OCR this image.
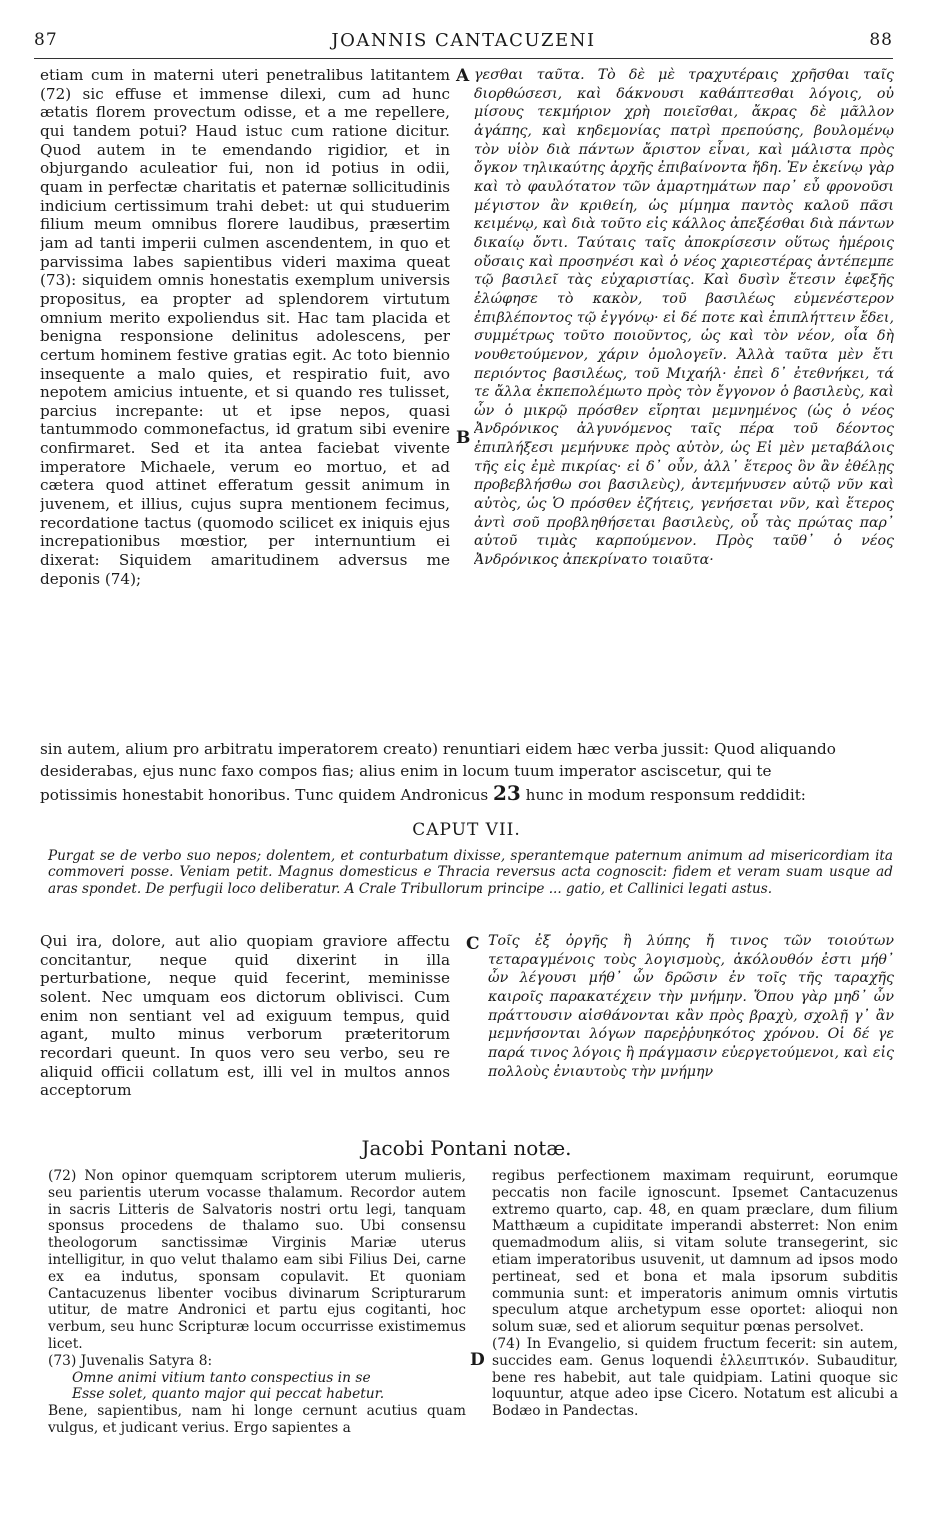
87	JOANNIS CANTACUZENI	88
etiam cum in materni uteri penetralibus latitantem (72) sic effuse et immense dilexi, cum ad hunc ætatis florem provectum odisse, et a me repellere, qui tandem potui? Haud istuc cum ratione dicitur. Quod autem in te emendando rigidior, et in objurgando aculeatior fui, non id potius in odii, quam in perfectæ charitatis et paternæ sollicitudinis indicium certissimum trahi debet: ut qui studuerim filium meum omnibus florere laudibus, præsertim jam ad tanti imperii culmen ascendentem, in quo et parvissima labes sapientibus videri maxima queat (73): siquidem omnis honestatis exemplum universis propositus, ea propter ad splendorem virtutum omnium merito expoliendus sit. Hac tam placida et benigna responsione delinitus adolescens, per certum hominem festive gratias egit. Ac toto biennio insequente a malo quies, et respiratio fuit, avo nepotem amicius intuente, et si quando res tulisset, parcius increpante: ut et ipse nepos, quasi tantummodo commonefactus, id gratum sibi evenire confirmaret. Sed et ita antea faciebat vivente imperatore Michaele, verum eo mortuo, et ad cætera quod attinet efferatum gessit animum in juvenem, et illius, cujus supra mentionem fecimus, recordatione tactus (quomodo scilicet ex iniquis ejus increpationibus mœstior, per internuntium ei dixerat: Siquidem amaritudinem adversus me deponis (74);
γεσθαι ταῦτα. Τὸ δὲ μὲ τραχυτέραις χρῆσθαι ταῖς διορθώσεσι, καὶ δάκνουσι καθάπτεσθαι λόγοις, οὐ μίσους τεκμήριον χρὴ ποιεῖσθαι, ἄκρας δὲ μᾶλλον ἀγάπης, καὶ κηδεμονίας πατρὶ πρεπούσης, βουλομένῳ τὸν υἱὸν διὰ πάντων ἄριστον εἶναι, καὶ μάλιστα πρὸς ὄγκον τηλικαύτης ἀρχῆς ἐπιβαίνοντα ἤδη. Ἐν ἐκείνῳ γὰρ καὶ τὸ φαυλότατον τῶν ἁμαρτημάτων παρ᾽ εὖ φρονοῦσι μέγιστον ἂν κριθείη, ὡς μίμημα παντὸς καλοῦ πᾶσι κειμένῳ, καὶ διὰ τοῦτο εἰς κάλλος ἀπεξέσθαι διὰ πάντων δικαίῳ ὄντι. Ταύταις ταῖς ἀποκρίσεσιν οὕτως ἡμέροις οὔσαις καὶ προσηνέσι καὶ ὁ νέος χαριεστέρας ἀντέπεμπε τῷ βασιλεῖ τὰς εὐχαριστίας. Καὶ δυσὶν ἔτεσιν ἐφεξῆς ἐλώφησε τὸ κακὸν, τοῦ βασιλέως εὐμενέστερον ἐπιβλέποντος τῷ ἐγγόνῳ· εἰ δέ ποτε καὶ ἐπιπλήττειν ἔδει, συμμέτρως τοῦτο ποιοῦντος, ὡς καὶ τὸν νέον, οἷα δὴ νουθετούμενον, χάριν ὁμολογεῖν. Ἀλλὰ ταῦτα μὲν ἔτι περιόντος βασιλέως, τοῦ Μιχαήλ· ἐπεὶ δ᾽ ἐτεθνήκει, τά τε ἄλλα ἐκπεπολέμωτο πρὸς τὸν ἔγγονον ὁ βασιλεὺς, καὶ ὧν ὁ μικρῷ πρόσθεν εἴρηται μεμνημένος (ὡς ὁ νέος Ἀνδρόνικος ἀλγυνόμενος ταῖς πέρα τοῦ δέοντος ἐπιπλήξεσι μεμήνυκε πρὸς αὐτὸν, ὡς Εἰ μὲν μεταβάλοις τῆς εἰς ἐμὲ πικρίας· εἰ δ᾽ οὖν, ἀλλ᾽ ἕτερος ὃν ἂν ἐθέλῃς προβεβλήσθω σοι βασιλεὺς), ἀντεμήνυσεν αὐτῷ νῦν καὶ αὐτὸς, ὡς Ὁ πρόσθεν ἐζήτεις, γενήσεται νῦν, καὶ ἕτερος ἀντὶ σοῦ προβληθήσεται βασιλεὺς, οὗ τὰς πρώτας παρ᾽ αὐτοῦ τιμὰς καρπούμενον. Πρὸς ταῦθ᾽ ὁ νέος Ἀνδρόνικος ἀπεκρίνατο τοιαῦτα·
A
B
sin autem, alium pro arbitratu imperatorem creato) renuntiari eidem hæc verba jussit: Quod aliquando
desiderabas, ejus nunc faxo compos fias; alius enim in locum tuum imperator asciscetur, qui te
potissimis honestabit honoribus. Tunc quidem Andronicus 23 hunc in modum responsum reddidit:
CAPUT VII.
Purgat se de verbo suo nepos; dolentem, et conturbatum dixisse, sperantemque paternum animum ad misericordiam ita commoveri posse. Veniam petit. Magnus domesticus e Thracia reversus acta cognoscit: fidem et veram suam usque ad aras spondet. De perfugii loco deliberatur. A Crale Tribullorum principe ... gatio, et Callinici legati astus.
Qui ira, dolore, aut alio quopiam graviore affectu concitantur, neque quid dixerint in illa perturbatione, neque quid fecerint, meminisse solent. Nec umquam eos dictorum oblivisci. Cum enim non sentiant vel ad exiguum tempus, quid agant, multo minus verborum præteritorum recordari queunt. In quos vero seu verbo, seu re aliquid officii collatum est, illi vel in multos annos acceptorum
Τοῖς ἐξ ὀργῆς ἢ λύπης ἤ τινος τῶν τοιούτων τεταραγμένοις τοὺς λογισμοὺς, ἀκόλουθόν ἐστι μήθ᾽ ὧν λέγουσι μήθ᾽ ὧν δρῶσιν ἐν τοῖς τῆς ταραχῆς καιροῖς παρακατέχειν τὴν μνήμην. Ὅπου γὰρ μηδ᾽ ὧν πράττουσιν αἰσθάνονται κἂν πρὸς βραχὺ, σχολῇ γ᾽ ἂν μεμνήσονται λόγων παρεῤῥυηκότος χρόνου. Οἱ δέ γε παρά τινος λόγοις ἢ πράγμασιν εὐεργετούμενοι, καὶ εἰς πολλοὺς ἐνιαυτοὺς τὴν μνήμην
C
Jacobi Pontani notæ.

(72) Non opinor quemquam scriptorem uterum mulieris, seu parientis uterum vocasse thalamum. Recordor autem in sacris Litteris de Salvatoris nostri ortu legi, tanquam sponsus procedens de thalamo suo. Ubi consensu theologorum sanctissimæ Virginis Mariæ uterus intelligitur, in quo velut thalamo eam sibi Filius Dei, carne ex ea indutus, sponsam copulavit. Et quoniam Cantacuzenus libenter vocibus divinarum Scripturarum utitur, de matre Andronici et partu ejus cogitanti, hoc verbum, seu hunc Scripturæ locum occurrisse existimemus licet.

(73) Juvenalis Satyra 8:

Omne animi vitium tanto conspectius in se

Esse solet, quanto major qui peccat habetur.

Bene, sapientibus, nam hi longe cernunt acutius quam vulgus, et judicant verius. Ergo sapientes a

regibus perfectionem maximam requirunt, eorumque peccatis non facile ignoscunt. Ipsemet Cantacuzenus extremo quarto, cap. 48, en quam præclare, dum filium Matthæum a cupiditate imperandi absterret: Non enim quemadmodum aliis, si vitam solute transegerint, sic etiam imperatoribus usuvenit, ut damnum ad ipsos modo pertineat, sed et bona et mala ipsorum subditis communia sunt: et imperatoris animum omnis virtutis speculum atque archetypum esse oportet: alioqui non solum suæ, sed et aliorum sequitur pœnas persolvet.

(74) In Evangelio, si quidem fructum fecerit: sin autem, succides eam. Genus loquendi ἐλλειπτικόν. Subauditur, bene res habebit, aut tale quidpiam. Latini quoque sic loquuntur, atque adeo ipse Cicero. Notatum est alicubi a Bodæo in Pandectas.

D
